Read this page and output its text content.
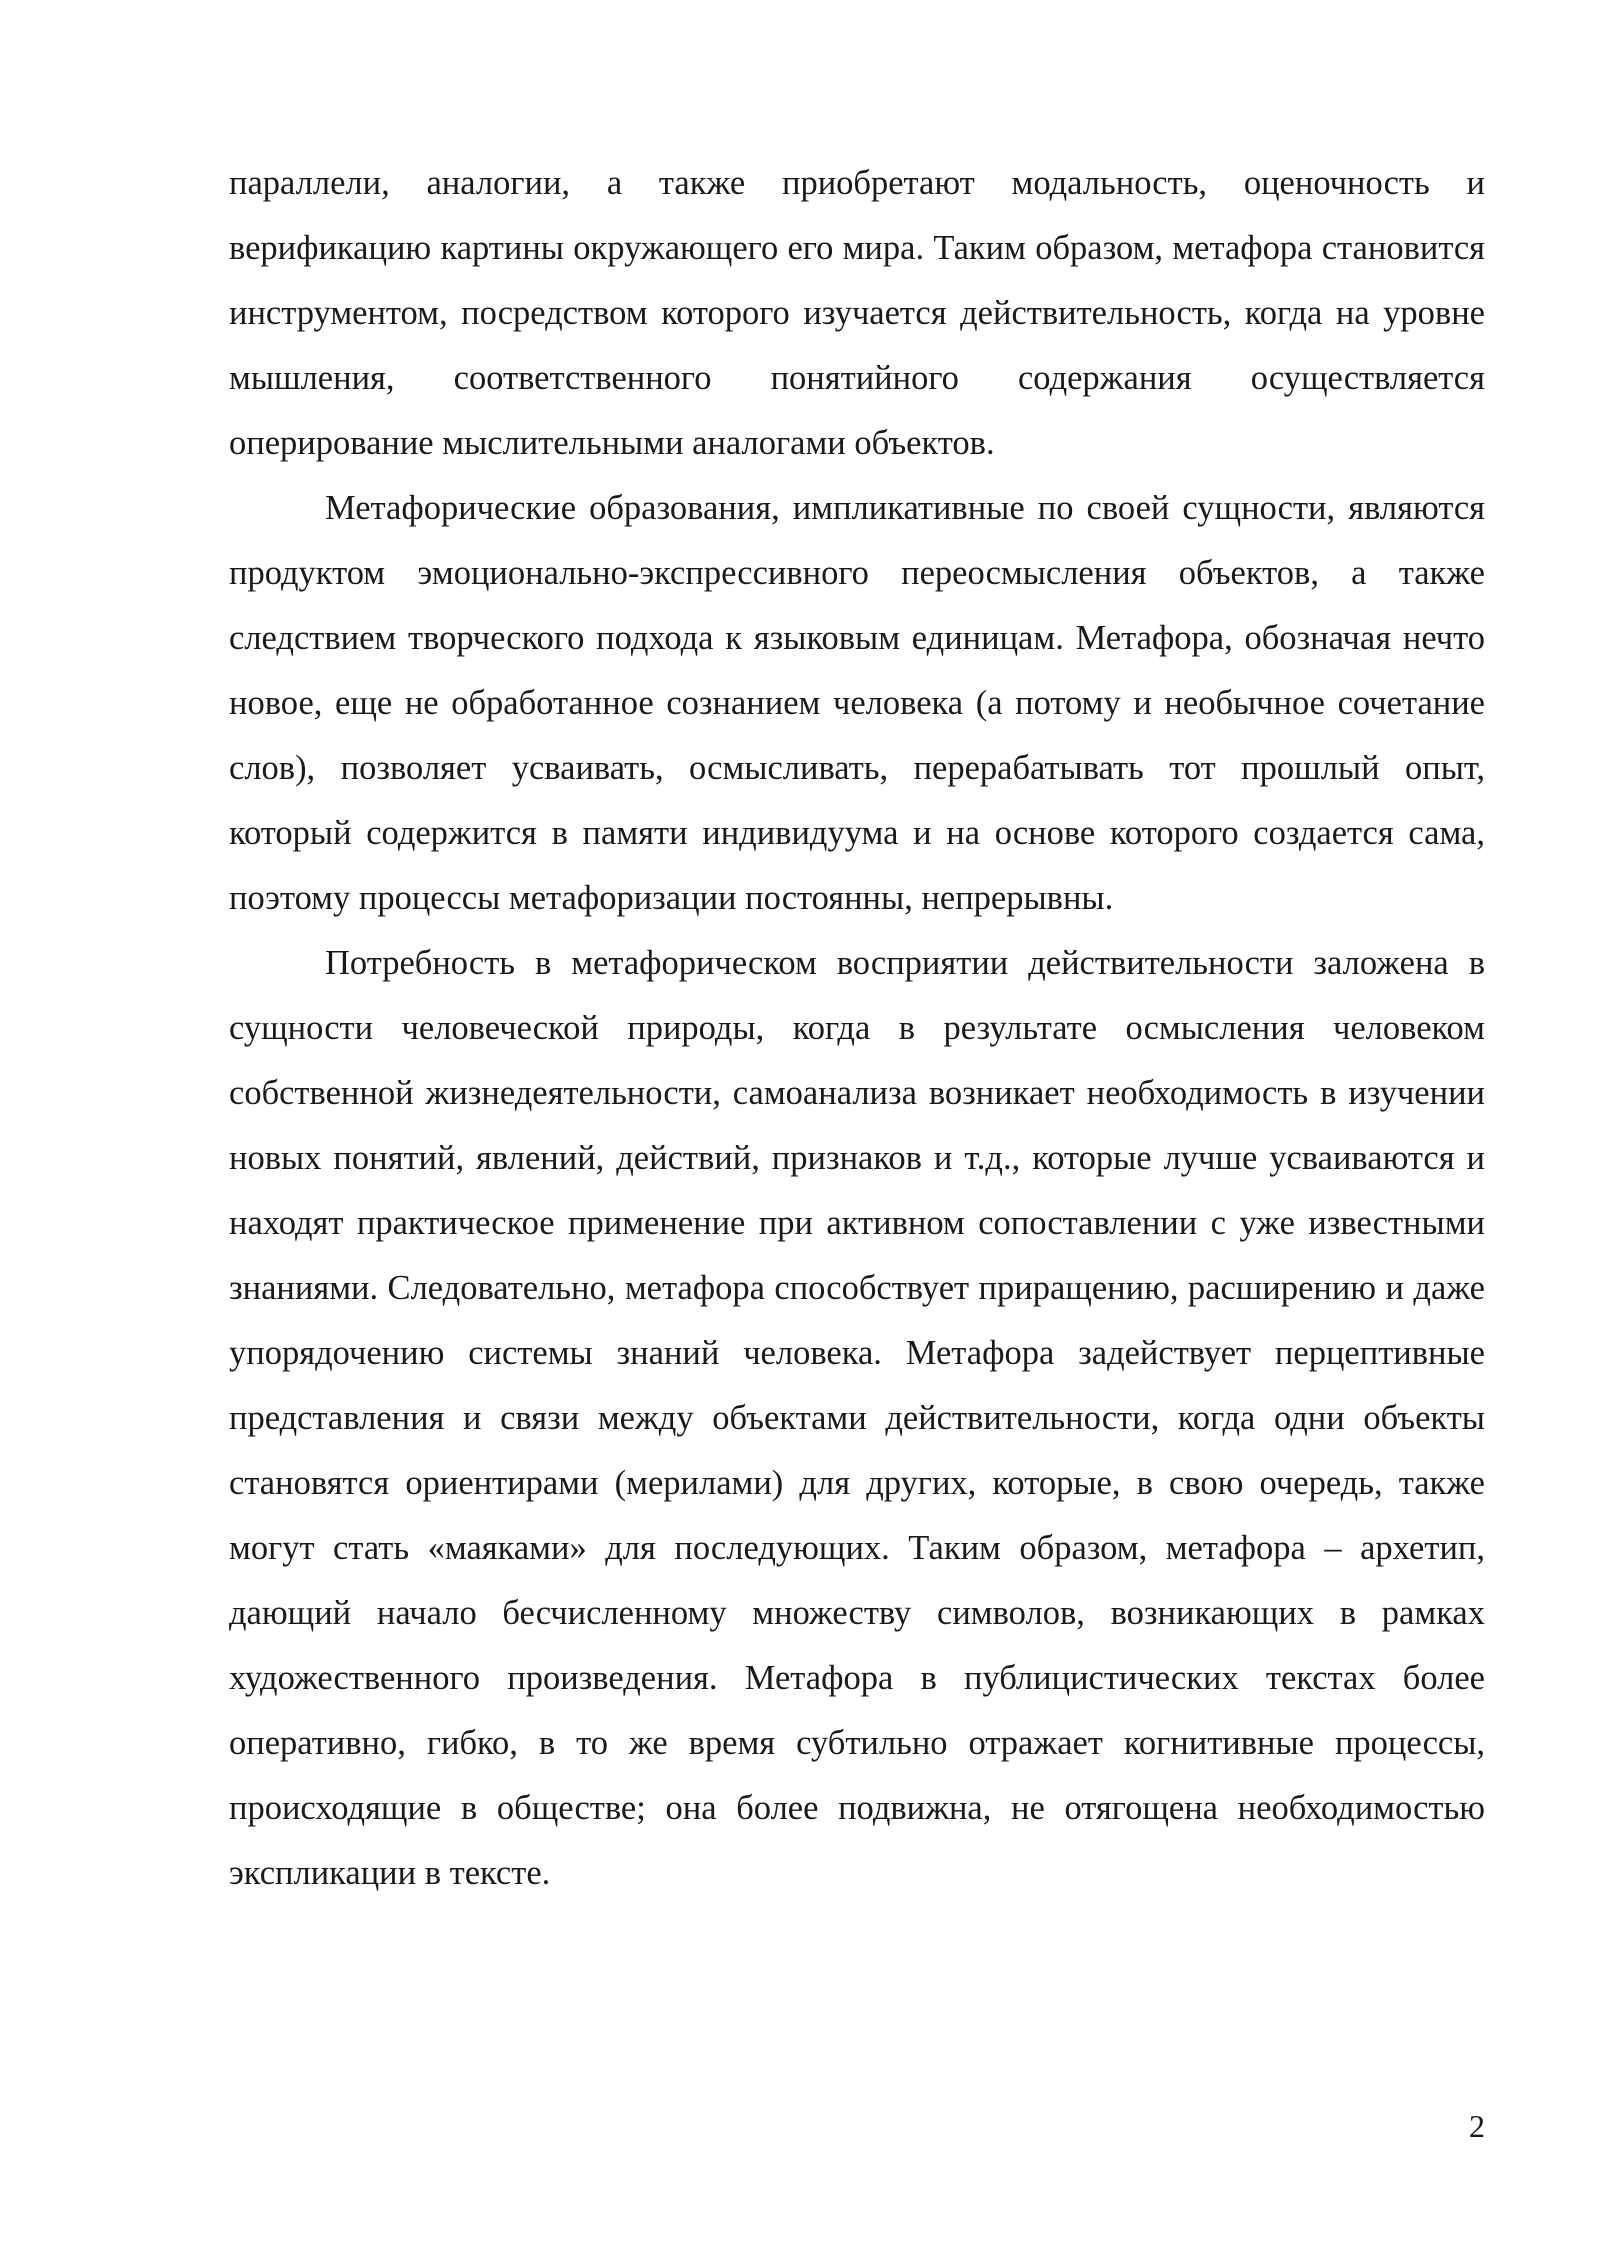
параллели, аналогии, а также приобретают модальность, оценочность и верификацию картины окружающего его мира. Таким образом, метафора становится инструментом, посредством которого изучается действительность, когда на уровне мышления, соответственного понятийного содержания осуществляется оперирование мыслительными аналогами объектов.

Метафорические образования, импликативные по своей сущности, являются продуктом эмоционально-экспрессивного переосмысления объектов, а также следствием творческого подхода к языковым единицам. Метафора, обозначая нечто новое, еще не обработанное сознанием человека (а потому и необычное сочетание слов), позволяет усваивать, осмысливать, перерабатывать тот прошлый опыт, который содержится в памяти индивидуума и на основе которого создается сама, поэтому процессы метафоризации постоянны, непрерывны.

Потребность в метафорическом восприятии действительности заложена в сущности человеческой природы, когда в результате осмысления человеком собственной жизнедеятельности, самоанализа возникает необходимость в изучении новых понятий, явлений, действий, признаков и т.д., которые лучше усваиваются и находят практическое применение при активном сопоставлении с уже известными знаниями. Следовательно, метафора способствует приращению, расширению и даже упорядочению системы знаний человека. Метафора задействует перцептивные представления и связи между объектами действительности, когда одни объекты становятся ориентирами (мерилами) для других, которые, в свою очередь, также могут стать «маяками» для последующих. Таким образом, метафора – архетип, дающий начало бесчисленному множеству символов, возникающих в рамках художественного произведения. Метафора в публицистических текстах более оперативно, гибко, в то же время субтильно отражает когнитивные процессы, происходящие в обществе; она более подвижна, не отягощена необходимостью экспликации в тексте.

2
